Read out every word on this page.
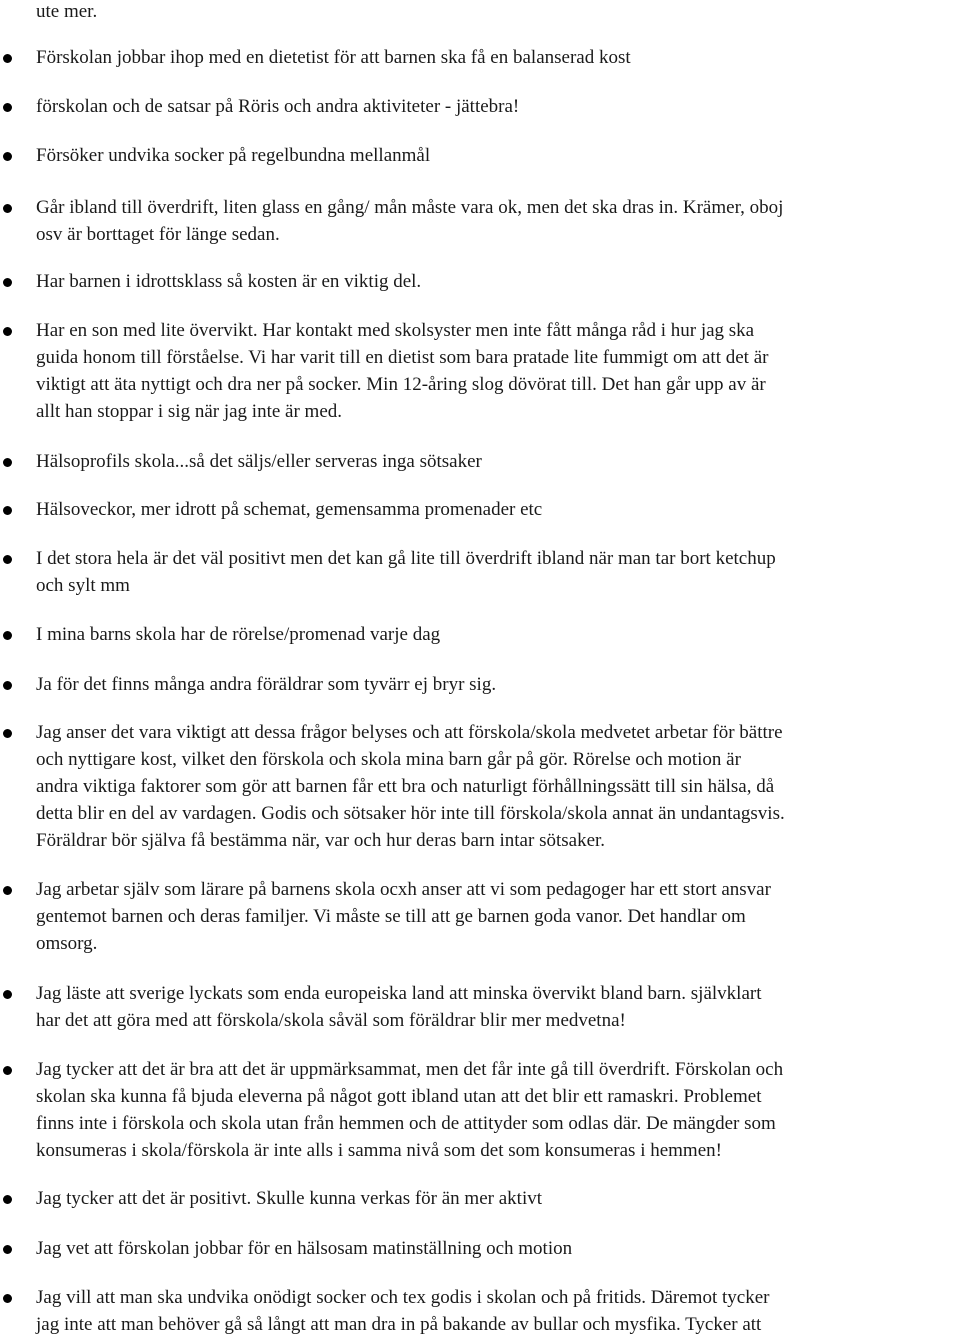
ute mer.

Förskolan jobbar ihop med en dietetist för att barnen ska få en balanserad kost

förskolan och de satsar på Röris och andra aktiviteter - jättebra!

Försöker undvika socker på regelbundna mellanmål

Går ibland till överdrift, liten glass en gång/ mån måste vara ok, men det ska dras in. Krämer, oboj
osv är borttaget för länge sedan.

Har barnen i idrottsklass så kosten är en viktig del.

Har en son med lite övervikt. Har kontakt med skolsyster men inte fått många råd i hur jag ska
guida honom till förståelse. Vi har varit till en dietist som bara pratade lite fummigt om att det är
viktigt att äta nyttigt och dra ner på socker. Min 12-åring slog dövörat till. Det han går upp av är
allt han stoppar i sig när jag inte är med.

Hälsoprofils skola...så det säljs/eller serveras inga sötsaker

Hälsoveckor, mer idrott på schemat, gemensamma promenader etc

I det stora hela är det väl positivt men det kan gå lite till överdrift ibland när man tar bort ketchup
och sylt mm

I mina barns skola har de rörelse/promenad varje dag

Ja för det finns många andra föräldrar som tyvärr ej bryr sig.

Jag anser det vara viktigt att dessa frågor belyses och att förskola/skola medvetet arbetar för bättre
och nyttigare kost, vilket den förskola och skola mina barn går på gör. Rörelse och motion är
andra viktiga faktorer som gör att barnen får ett bra och naturligt förhållningssätt till sin hälsa, då
detta blir en del av vardagen. Godis och sötsaker hör inte till förskola/skola annat än undantagsvis.
Föräldrar bör själva få bestämma när, var och hur deras barn intar sötsaker.

Jag arbetar själv som lärare på barnens skola ocxh anser att vi som pedagoger har ett stort ansvar
gentemot barnen och deras familjer. Vi måste se till att ge barnen goda vanor. Det handlar om
omsorg.

Jag läste att sverige lyckats som enda europeiska land att minska övervikt bland barn. självklart
har det att göra med att förskola/skola såväl som föräldrar blir mer medvetna!

Jag tycker att det är bra att det är uppmärksammat, men det får inte gå till överdrift. Förskolan och
skolan ska kunna få bjuda eleverna på något gott ibland utan att det blir ett ramaskri. Problemet
finns inte i förskola och skola utan från hemmen och de attityder som odlas där. De mängder som
konsumeras i skola/förskola är inte alls i samma nivå som det som konsumeras i hemmen!

Jag tycker att det är positivt. Skulle kunna verkas för än mer aktivt

Jag vet att förskolan jobbar för en hälsosam matinställning och motion

Jag vill att man ska undvika onödigt socker och tex godis i skolan och på fritids. Däremot tycker
jag inte att man behöver gå så långt att man dra in på bakande av bullar och mysfika. Tycker att
